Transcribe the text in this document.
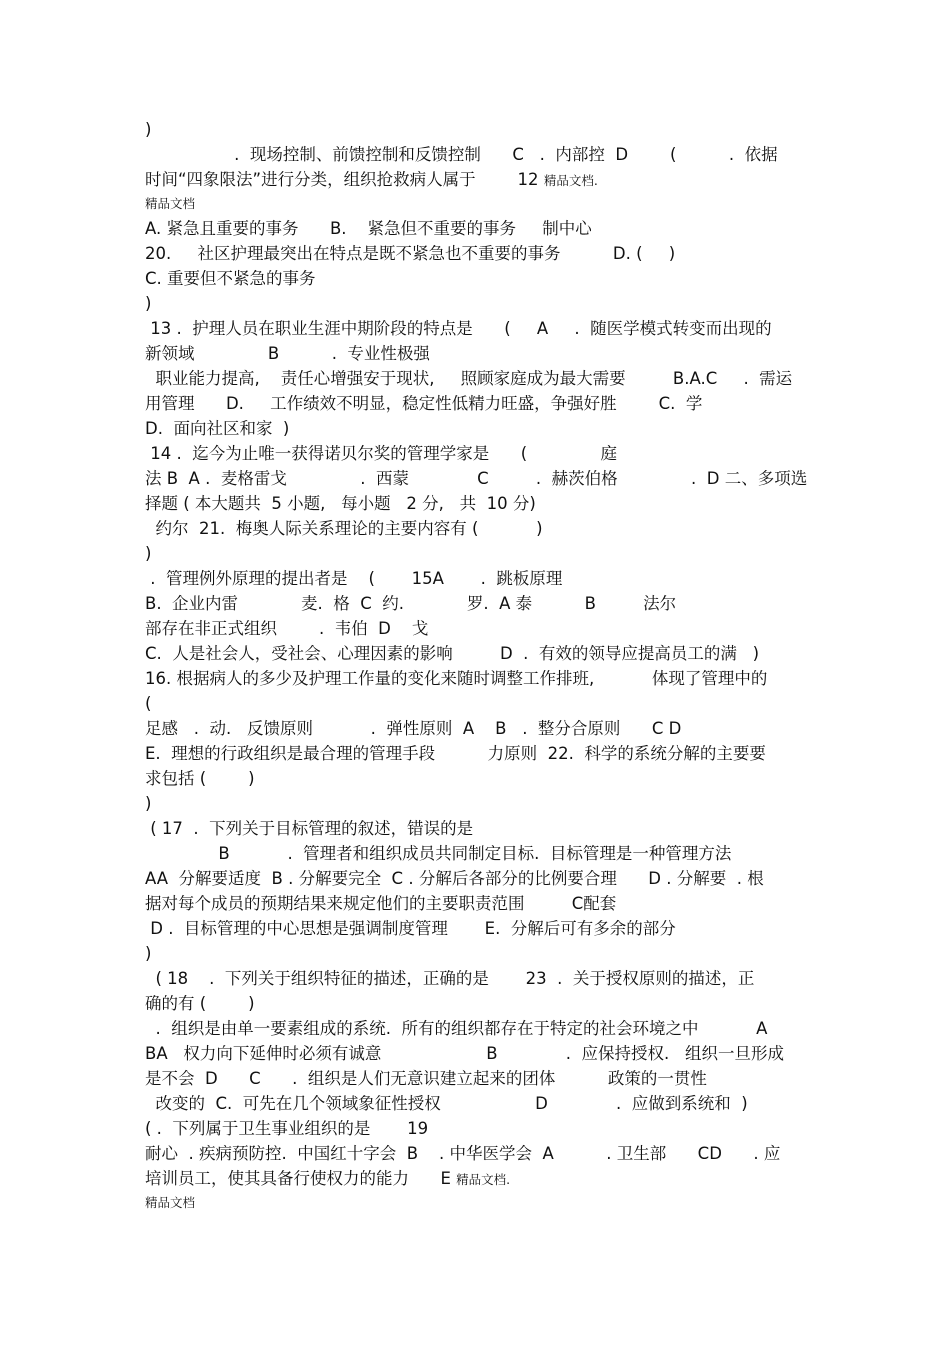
)
.  现场控制、前馈控制和反馈控制      C   .  内部控  D        (          .  依据
时间“四象限法”进行分类，组织抢救病人属于        12 精品文档.
精品文档
A. 紧急且重要的事务      B.    紧急但不重要的事务     制中心
20.     社区护理最突出在特点是既不紧急也不重要的事务          D. (     )
C. 重要但不紧急的事务
)
13 .  护理人员在职业生涯中期阶段的特点是      (     A     .  随医学模式转变而出现的
新领域              B          .  专业性极强
职业能力提高,    责任心增强安于现状,     照顾家庭成为最大需要         B.A.C     .  需运
用管理      D.     工作绩效不明显，稳定性低精力旺盛，争强好胜        C.  学
D.  面向社区和家  )
14 .  迄今为止唯一获得诺贝尔奖的管理学家是      (              庭
法 B  A .  麦格雷戈              .  西蒙             C         .  赫茨伯格              .  D 二、多项选
择题 ( 本大题共  5 小题,   每小题   2 分,   共  10 分)
约尔  21.  梅奥人际关系理论的主要内容有 (           )
)
.  管理例外原理的提出者是    (       15A       .  跳板原理
B.  企业内雷            麦.  格  C  约.            罗.  A 泰          B         法尔
部存在非正式组织        .  韦伯  D    戈
C.  人是社会人，受社会、心理因素的影响         D  .  有效的领导应提高员工的满   )
16. 根据病人的多少及护理工作量的变化来随时调整工作排班,           体现了管理中的
(
足感   .  动.   反馈原则           .  弹性原则  A    B   .  整分合原则      C D
E.  理想的行政组织是最合理的管理手段          力原则  22.  科学的系统分解的主要要
求包括 (        )
)
( 17  .  下列关于目标管理的叙述，错误的是
B           .  管理者和组织成员共同制定目标.  目标管理是一种管理方法
AA  分解要适度  B . 分解要完全  C . 分解后各部分的比例要合理      D . 分解要  . 根
据对每个成员的预期结果来规定他们的主要职责范围         C配套
D .  目标管理的中心思想是强调制度管理       E.  分解后可有多余的部分
)
( 18    .  下列关于组织特征的描述，正确的是       23  .  关于授权原则的描述，正
确的有 (        )
.  组织是由单一要素组成的系统.  所有的组织都存在于特定的社会环境之中           A
BA   权力向下延伸时必须有诚意                    B             .  应保持授权.   组织一旦形成
是不会  D      C      .  组织是人们无意识建立起来的团体          政策的一贯性
改变的  C.  可先在几个领域象征性授权                  D             .  应做到系统和  )
( .  下列属于卫生事业组织的是       19
耐心  . 疾病预防控.  中国红十字会  B    . 中华医学会  A          . 卫生部      CD      . 应
培训员工，使其具备行使权力的能力      E 精品文档.
精品文档
